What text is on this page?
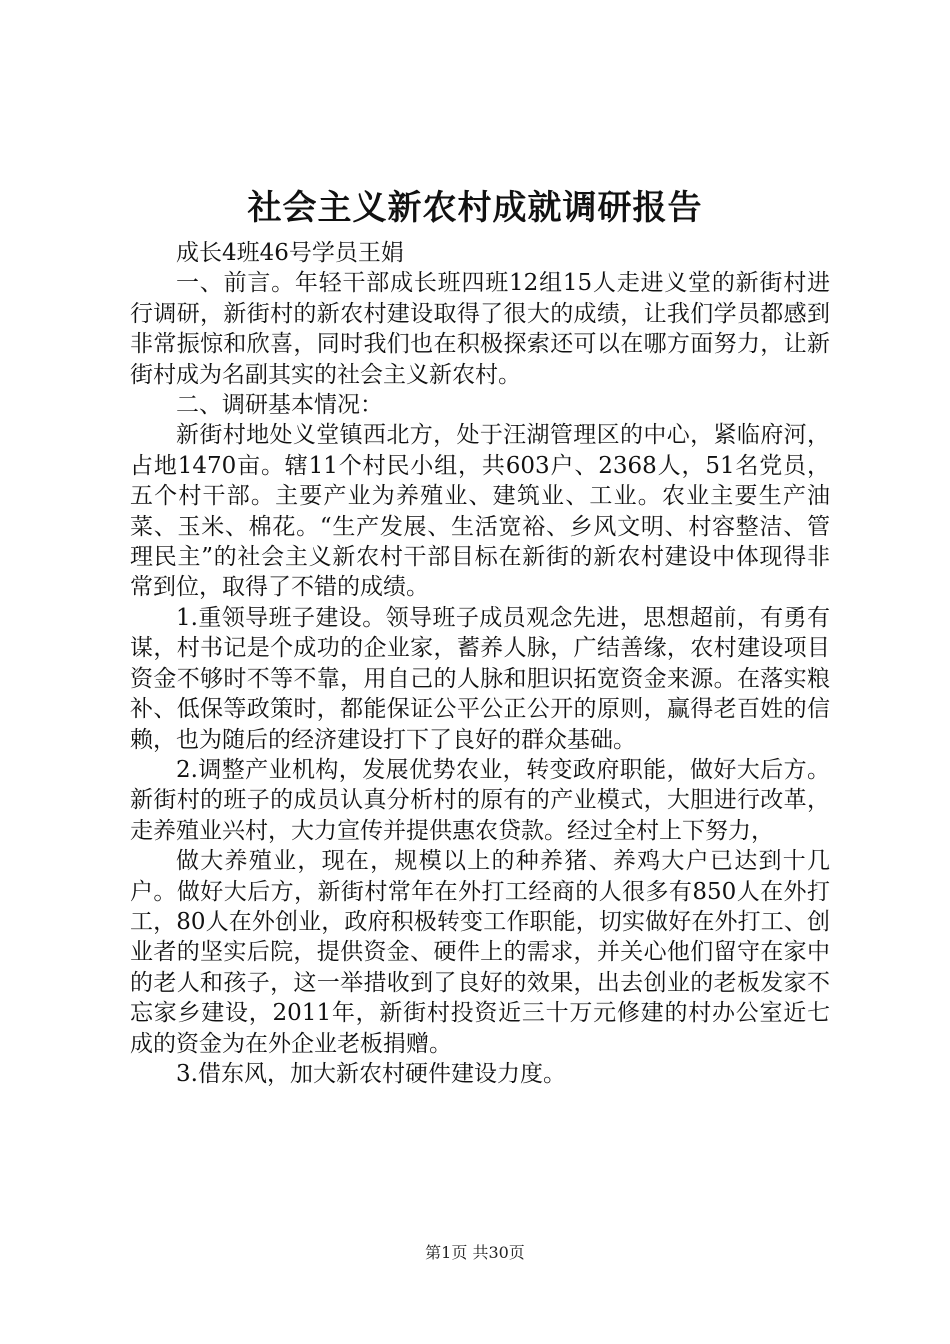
社会主义新农村成就调研报告

成长4班46号学员王娟

一、前言。年轻干部成长班四班12组15人走进义堂的新街村进行调研，新街村的新农村建设取得了很大的成绩，让我们学员都感到非常振惊和欣喜，同时我们也在积极探索还可以在哪方面努力，让新街村成为名副其实的社会主义新农村。

二、调研基本情况：

新街村地处义堂镇西北方，处于汪湖管理区的中心，紧临府河，占地1470亩。辖11个村民小组，共603户、2368人，51名党员，五个村干部。主要产业为养殖业、建筑业、工业。农业主要生产油菜、玉米、棉花。“生产发展、生活宽裕、乡风文明、村容整洁、管理民主”的社会主义新农村干部目标在新街的新农村建设中体现得非常到位，取得了不错的成绩。

1.重领导班子建设。领导班子成员观念先进，思想超前，有勇有谋，村书记是个成功的企业家，蓄养人脉，广结善缘，农村建设项目资金不够时不等不靠，用自己的人脉和胆识拓宽资金来源。在落实粮补、低保等政策时，都能保证公平公正公开的原则，赢得老百姓的信赖，也为随后的经济建设打下了良好的群众基础。

2.调整产业机构，发展优势农业，转变政府职能，做好大后方。新街村的班子的成员认真分析村的原有的产业模式，大胆进行改革，走养殖业兴村，大力宣传并提供惠农贷款。经过全村上下努力，

做大养殖业，现在，规模以上的种养猪、养鸡大户已达到十几户。做好大后方，新街村常年在外打工经商的人很多有850人在外打工，80人在外创业，政府积极转变工作职能，切实做好在外打工、创业者的坚实后院，提供资金、硬件上的需求，并关心他们留守在家中的老人和孩子，这一举措收到了良好的效果，出去创业的老板发家不忘家乡建设，2011年，新街村投资近三十万元修建的村办公室近七成的资金为在外企业老板捐赠。

3.借东风，加大新农村硬件建设力度。

第1页 共30页
